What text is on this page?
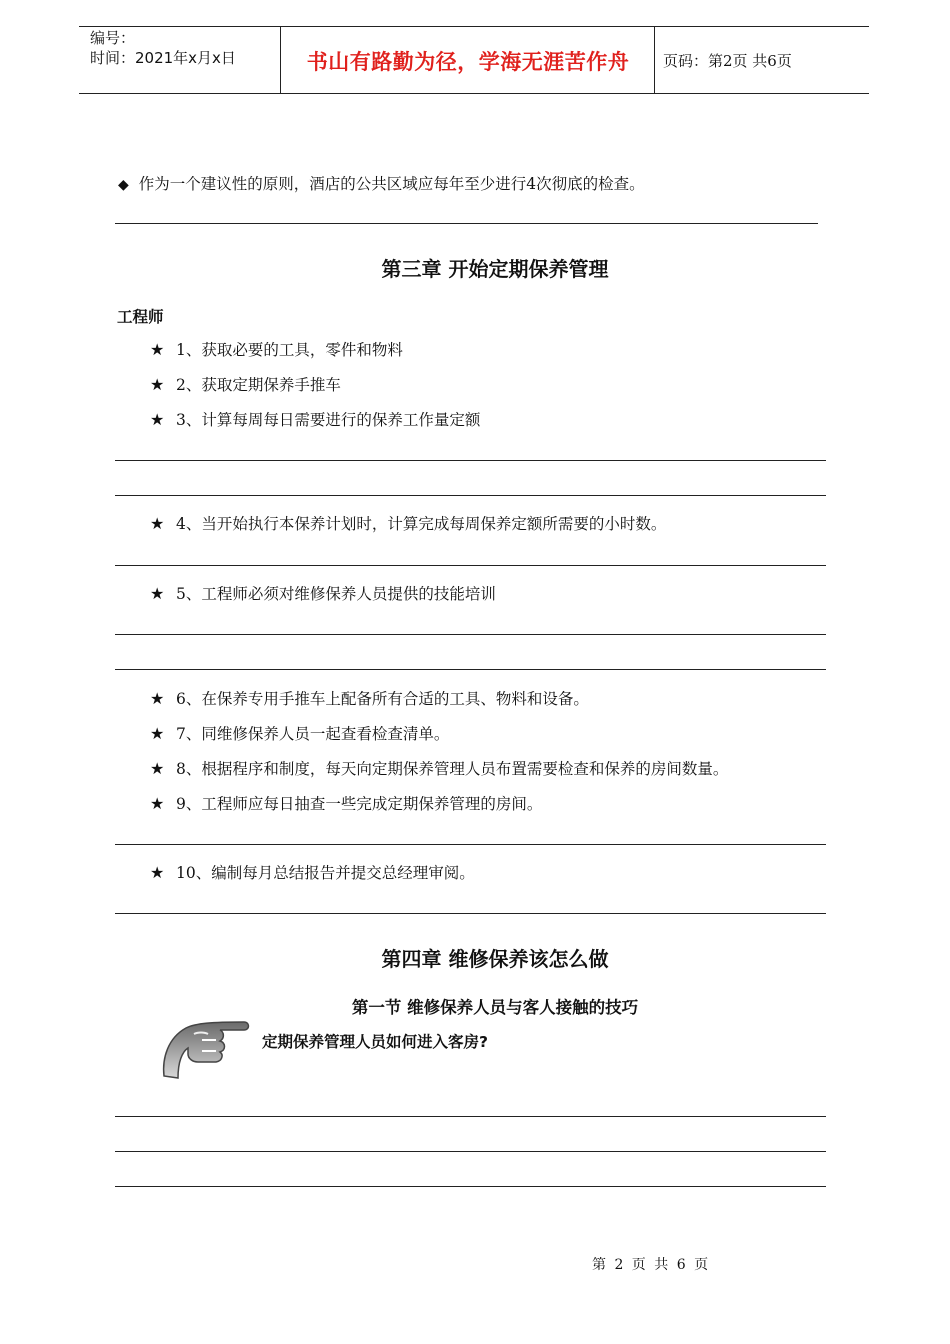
编号：
时间：2021年x月x日	书山有路勤为径，学海无涯苦作舟	页码：第2页 共6页
◆ 作为一个建议性的原则，酒店的公共区域应每年至少进行4次彻底的检查。
第三章 开始定期保养管理
工程师
★ 1、获取必要的工具，零件和物料
★ 2、获取定期保养手推车
★ 3、计算每周每日需要进行的保养工作量定额
★ 4、当开始执行本保养计划时，计算完成每周保养定额所需要的小时数。
★ 5、工程师必须对维修保养人员提供的技能培训
★ 6、在保养专用手推车上配备所有合适的工具、物料和设备。
★ 7、同维修保养人员一起查看检查清单。
★ 8、根据程序和制度，每天向定期保养管理人员布置需要检查和保养的房间数量。
★ 9、工程师应每日抽查一些完成定期保养管理的房间。
★ 10、编制每月总结报告并提交总经理审阅。
第四章 维修保养该怎么做
第一节 维修保养人员与客人接触的技巧
定期保养管理人员如何进入客房?
第 2 页 共 6 页
